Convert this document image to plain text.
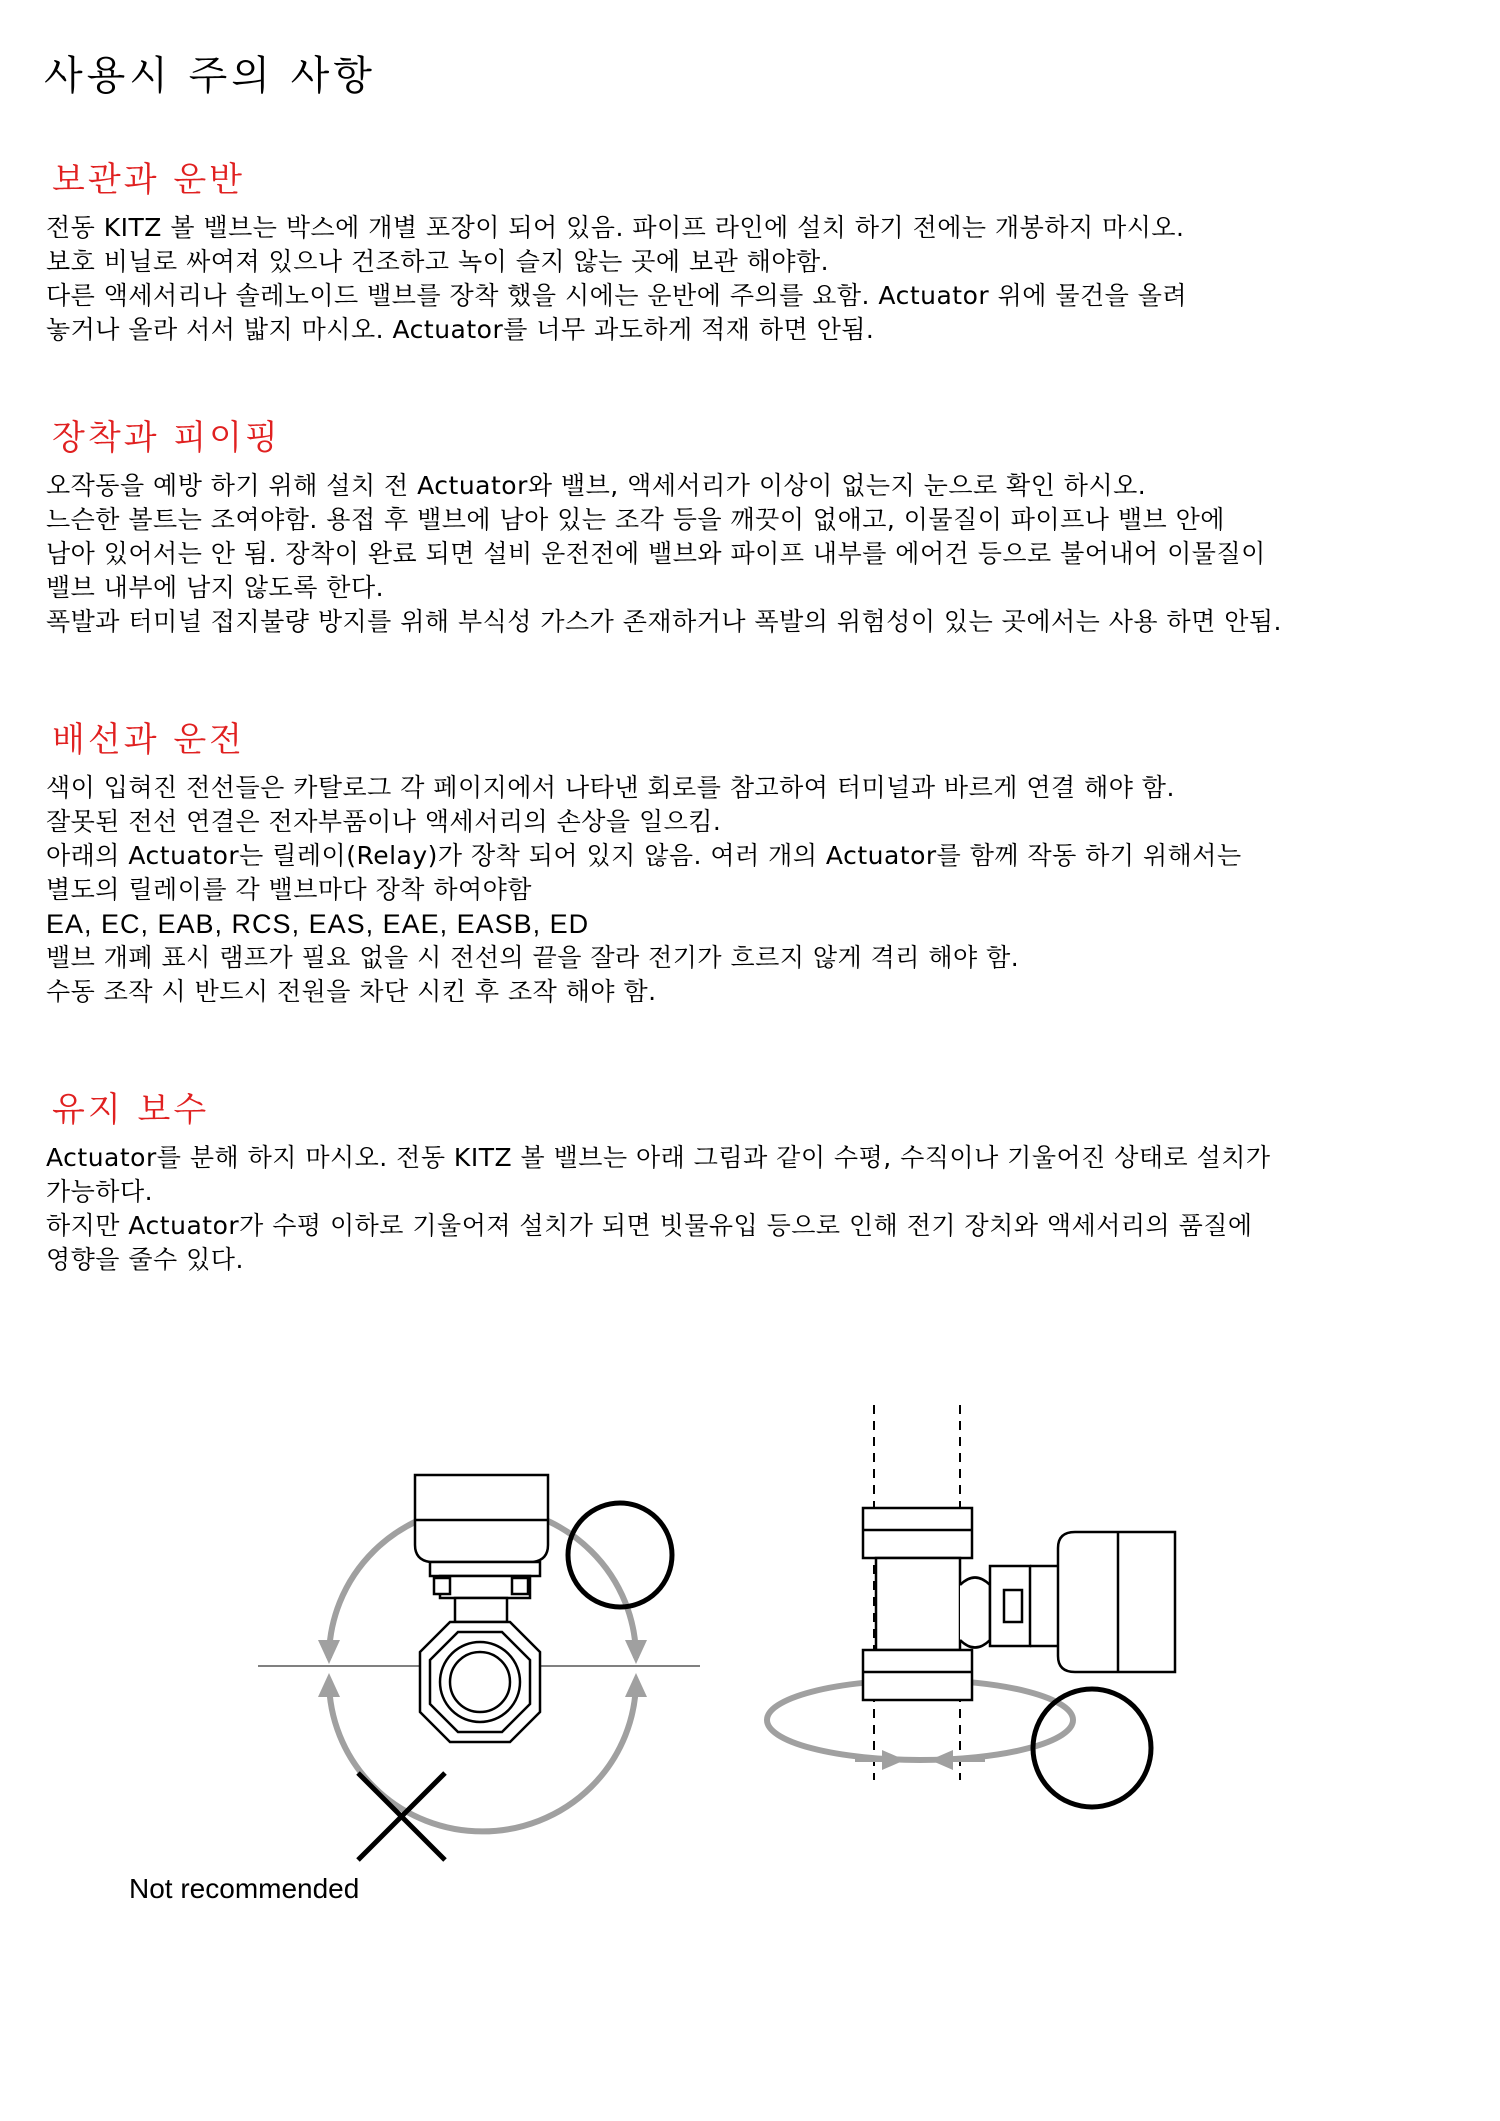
사용시 주의 사항
보관과 운반
전동 KITZ 볼 밸브는 박스에 개별 포장이 되어 있음. 파이프 라인에 설치 하기 전에는 개봉하지 마시오.
보호 비닐로 싸여져 있으나 건조하고 녹이 슬지 않는 곳에 보관 해야함.
다른 액세서리나 솔레노이드 밸브를 장착 했을 시에는 운반에 주의를 요함. Actuator 위에 물건을 올려
놓거나 올라 서서 밟지 마시오. Actuator를 너무 과도하게 적재 하면 안됨.
장착과 피이핑
오작동을 예방 하기 위해 설치 전 Actuator와 밸브, 액세서리가 이상이 없는지 눈으로 확인 하시오.
느슨한 볼트는 조여야함. 용접 후 밸브에 남아 있는 조각 등을 깨끗이 없애고, 이물질이 파이프나 밸브 안에
남아 있어서는 안 됨. 장착이 완료 되면 설비 운전전에 밸브와 파이프 내부를 에어건 등으로 불어내어 이물질이
밸브 내부에 남지 않도록 한다.
폭발과 터미널 접지불량 방지를 위해 부식성 가스가 존재하거나 폭발의 위험성이 있는 곳에서는 사용 하면 안됨.
배선과 운전
색이 입혀진 전선들은 카탈로그 각 페이지에서 나타낸 회로를 참고하여 터미널과 바르게 연결 해야 함.
잘못된 전선 연결은 전자부품이나 액세서리의 손상을 일으킴.
아래의 Actuator는 릴레이(Relay)가 장착 되어 있지 않음. 여러 개의 Actuator를 함께 작동 하기 위해서는
별도의 릴레이를 각 밸브마다 장착 하여야함
EA, EC, EAB, RCS, EAS, EAE, EASB, ED
밸브 개폐 표시 램프가 필요 없을 시 전선의 끝을 잘라 전기가 흐르지 않게 격리 해야 함.
수동 조작 시 반드시 전원을 차단 시킨 후 조작 해야 함.
유지 보수
Actuator를 분해 하지 마시오. 전동 KITZ 볼 밸브는 아래 그림과 같이 수평, 수직이나 기울어진 상태로 설치가
가능하다.
하지만 Actuator가 수평 이하로 기울어져 설치가 되면 빗물유입 등으로 인해 전기 장치와 액세서리의 품질에
영향을 줄수 있다.

Not recommended
